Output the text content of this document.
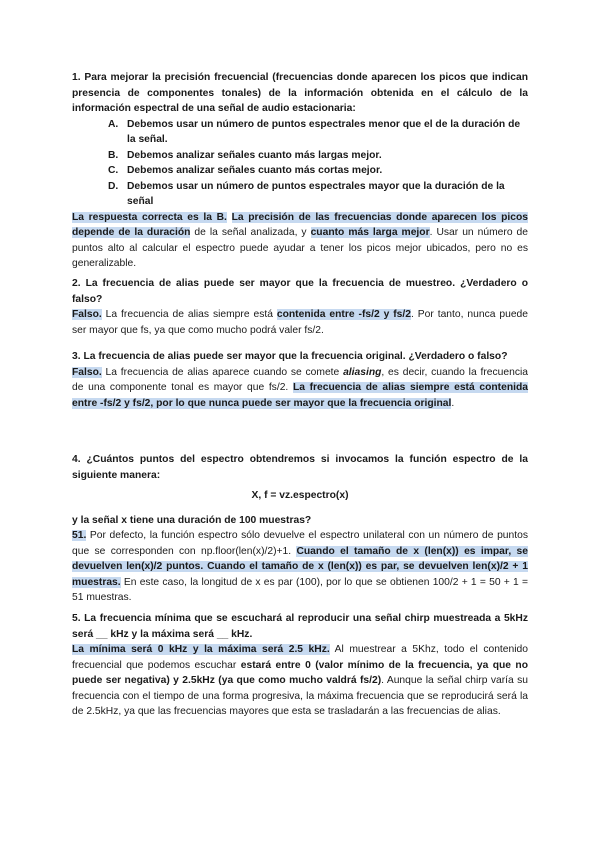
1. Para mejorar la precisión frecuencial (frecuencias donde aparecen los picos que indican presencia de componentes tonales) de la información obtenida en el cálculo de la información espectral de una señal de audio estacionaria:

A. Debemos usar un número de puntos espectrales menor que el de la duración de la señal.
B. Debemos analizar señales cuanto más largas mejor.
C. Debemos analizar señales cuanto más cortas mejor.
D. Debemos usar un número de puntos espectrales mayor que la duración de la señal

La respuesta correcta es la B. La precisión de las frecuencias donde aparecen los picos depende de la duración de la señal analizada, y cuanto más larga mejor. Usar un número de puntos alto al calcular el espectro puede ayudar a tener los picos mejor ubicados, pero no es generalizable.

2. La frecuencia de alias puede ser mayor que la frecuencia de muestreo. ¿Verdadero o falso?

Falso. La frecuencia de alias siempre está contenida entre -fs/2 y fs/2. Por tanto, nunca puede ser mayor que fs, ya que como mucho podrá valer fs/2.

3. La frecuencia de alias puede ser mayor que la frecuencia original. ¿Verdadero o falso?

Falso. La frecuencia de alias aparece cuando se comete aliasing, es decir, cuando la frecuencia de una componente tonal es mayor que fs/2. La frecuencia de alias siempre está contenida entre -fs/2 y fs/2, por lo que nunca puede ser mayor que la frecuencia original.

4. ¿Cuántos puntos del espectro obtendremos si invocamos la función espectro de la siguiente manera:

X, f = vz.espectro(x)

y la señal x tiene una duración de 100 muestras?

51. Por defecto, la función espectro sólo devuelve el espectro unilateral con un número de puntos que se corresponden con np.floor(len(x)/2)+1. Cuando el tamaño de x (len(x)) es impar, se devuelven len(x)/2 puntos. Cuando el tamaño de x (len(x)) es par, se devuelven len(x)/2 + 1 muestras. En este caso, la longitud de x es par (100), por lo que se obtienen 100/2 + 1 = 50 + 1 = 51 muestras.

5. La frecuencia mínima que se escuchará al reproducir una señal chirp muestreada a 5kHz será __ kHz y la máxima será __ kHz.

La mínima será 0 kHz y la máxima será 2.5 kHz. Al muestrear a 5Khz, todo el contenido frecuencial que podemos escuchar estará entre 0 (valor mínimo de la frecuencia, ya que no puede ser negativa) y 2.5kHz (ya que como mucho valdrá fs/2). Aunque la señal chirp varía su frecuencia con el tiempo de una forma progresiva, la máxima frecuencia que se reproducirá será la de 2.5kHz, ya que las frecuencias mayores que esta se trasladarán a las frecuencias de alias.
